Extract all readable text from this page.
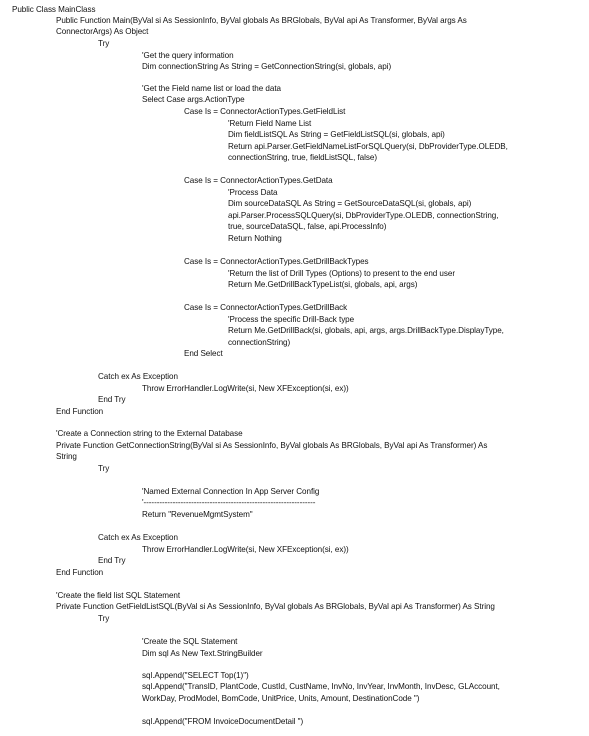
Public Class MainClass
Public Function Main(ByVal si As SessionInfo, ByVal globals As BRGlobals, ByVal api As Transformer, ByVal args As
ConnectorArgs) As Object
Try
'Get the query information
Dim connectionString As String = GetConnectionString(si, globals, api)
'Get the Field name list or load the data
Select Case args.ActionType
Case Is = ConnectorActionTypes.GetFieldList
'Return Field Name List
Dim fieldListSQL As String = GetFieldListSQL(si, globals, api)
Return api.Parser.GetFieldNameListForSQLQuery(si, DbProviderType.OLEDB,
connectionString, true, fieldListSQL, false)
Case Is = ConnectorActionTypes.GetData
'Process Data
Dim sourceDataSQL As String = GetSourceDataSQL(si, globals, api)
api.Parser.ProcessSQLQuery(si, DbProviderType.OLEDB, connectionString,
true, sourceDataSQL, false, api.ProcessInfo)
Return Nothing
Case Is = ConnectorActionTypes.GetDrillBackTypes
'Return the list of Drill Types (Options) to present to the end user
Return Me.GetDrillBackTypeList(si, globals, api, args)
Case Is = ConnectorActionTypes.GetDrillBack
'Process the specific Drill-Back type
Return Me.GetDrillBack(si, globals, api, args, args.DrillBackType.DisplayType,
connectionString)
End Select
Catch ex As Exception
Throw ErrorHandler.LogWrite(si, New XFException(si, ex))
End Try
End Function
'Create a Connection string to the External Database
Private Function GetConnectionString(ByVal si As SessionInfo, ByVal globals As BRGlobals, ByVal api As Transformer) As
String
Try
'Named External Connection In App Server Config
'-----------------------------------------------------------------
Return "RevenueMgmtSystem"
Catch ex As Exception
Throw ErrorHandler.LogWrite(si, New XFException(si, ex))
End Try
End Function
'Create the field list SQL Statement
Private Function GetFieldListSQL(ByVal si As SessionInfo, ByVal globals As BRGlobals, ByVal api As Transformer) As String
Try
'Create the SQL Statement
Dim sql As New Text.StringBuilder
sql.Append("SELECT Top(1)")
sql.Append("TransID, PlantCode, CustId, CustName, InvNo, InvYear, InvMonth, InvDesc, GLAccount,
WorkDay, ProdModel, BomCode, UnitPrice, Units, Amount, DestinationCode ")
sql.Append("FROM InvoiceDocumentDetail ")
